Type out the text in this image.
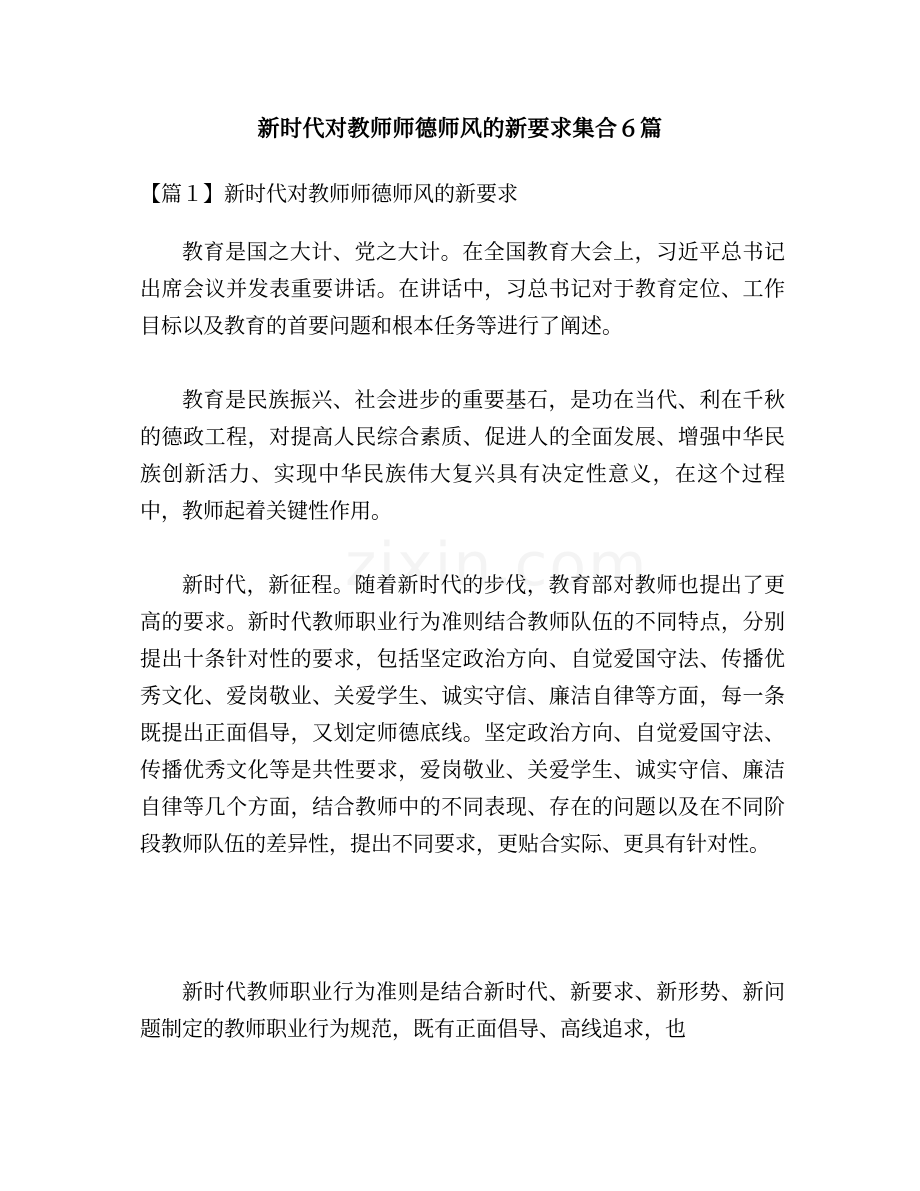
新时代对教师师德师风的新要求集合６篇
【篇１】新时代对教师师德师风的新要求

教育是国之大计、党之大计。在全国教育大会上，习近平总书记出席会议并发表重要讲话。在讲话中，习总书记对于教育定位、工作目标以及教育的首要问题和根本任务等进行了阐述。

教育是民族振兴、社会进步的重要基石，是功在当代、利在千秋的德政工程，对提高人民综合素质、促进人的全面发展、增强中华民族创新活力、实现中华民族伟大复兴具有决定性意义，在这个过程中，教师起着关键性作用。

新时代，新征程。随着新时代的步伐，教育部对教师也提出了更高的要求。新时代教师职业行为准则结合教师队伍的不同特点，分别提出十条针对性的要求，包括坚定政治方向、自觉爱国守法、传播优秀文化、爱岗敬业、关爱学生、诚实守信、廉洁自律等方面，每一条既提出正面倡导，又划定师德底线。坚定政治方向、自觉爱国守法、传播优秀文化等是共性要求，爱岗敬业、关爱学生、诚实守信、廉洁自律等几个方面，结合教师中的不同表现、存在的问题以及在不同阶段教师队伍的差异性，提出不同要求，更贴合实际、更具有针对性。

新时代教师职业行为准则是结合新时代、新要求、新形势、新问题制定的教师职业行为规范，既有正面倡导、高线追求，也
